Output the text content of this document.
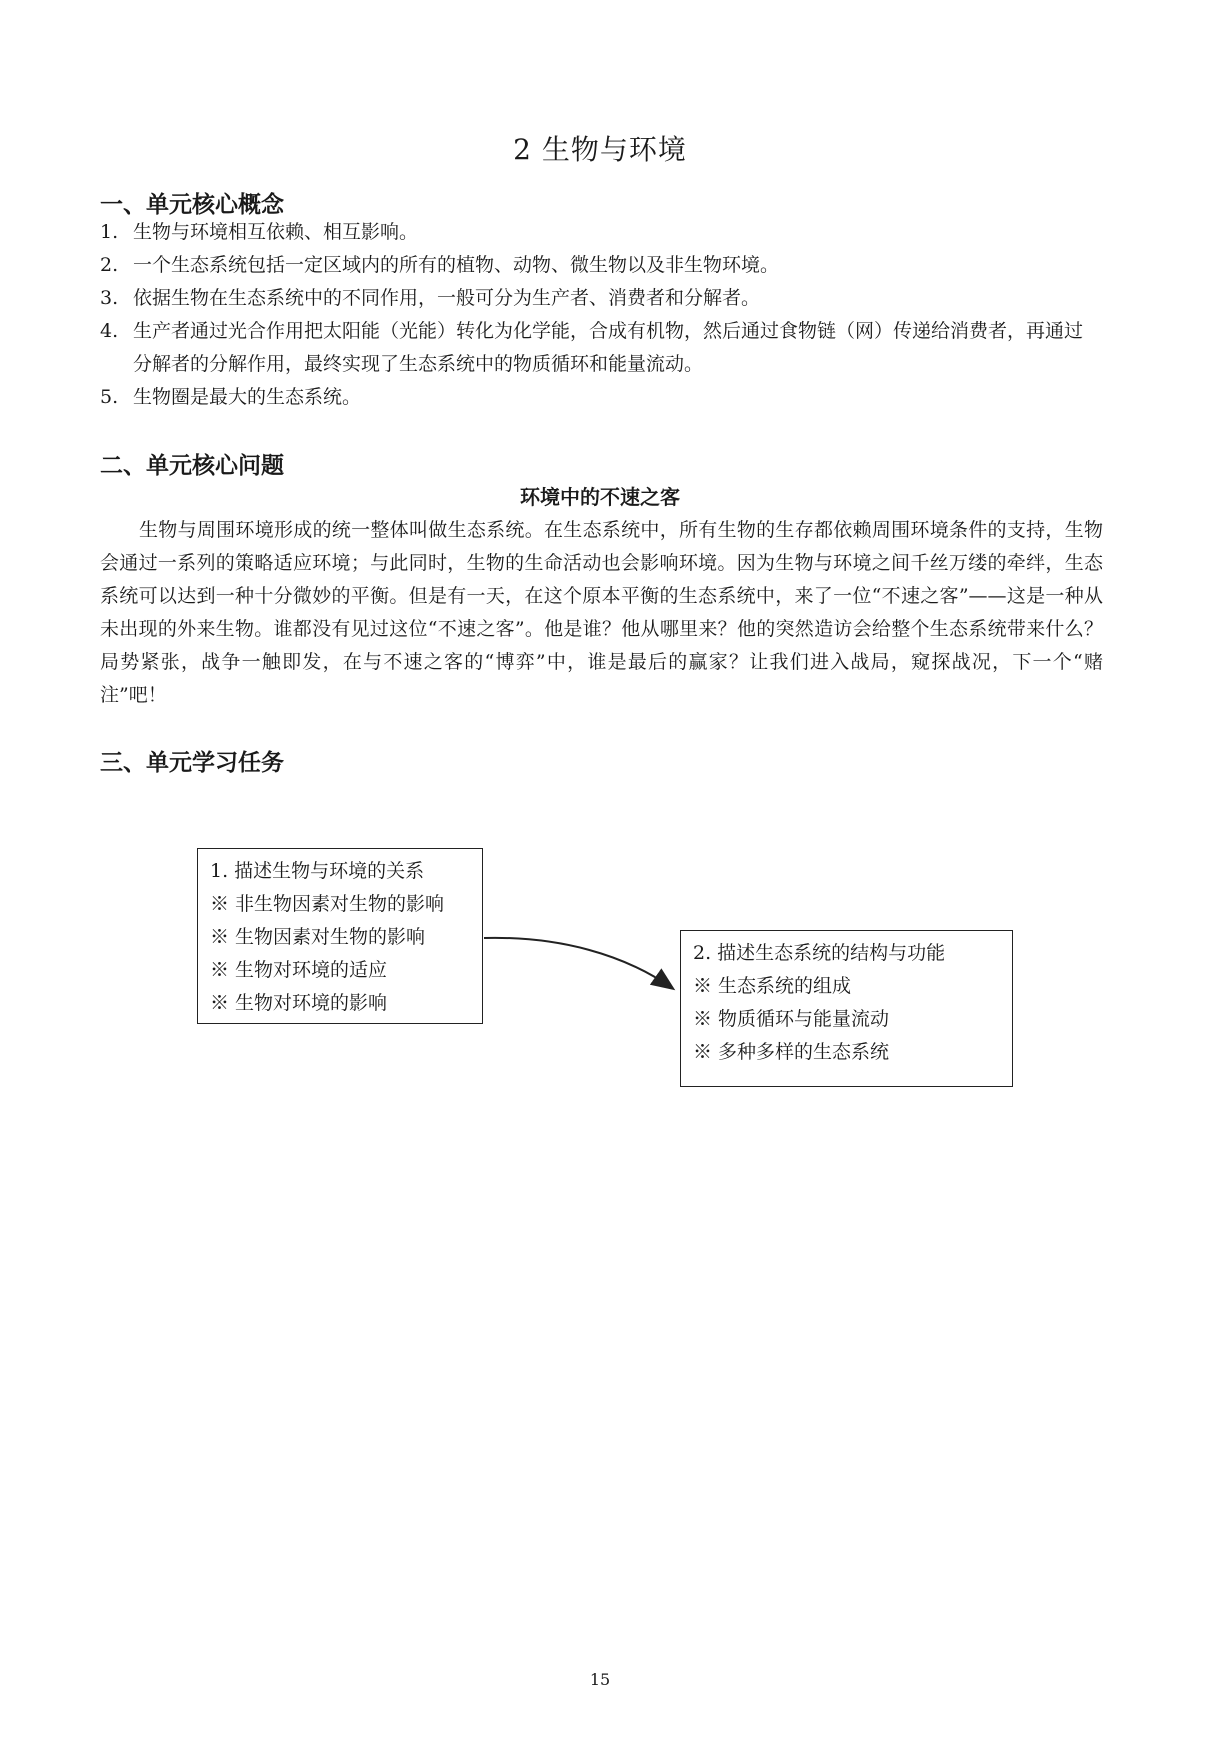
2 生物与环境
一、单元核心概念
1. 生物与环境相互依赖、相互影响。
2. 一个生态系统包括一定区域内的所有的植物、动物、微生物以及非生物环境。
3. 依据生物在生态系统中的不同作用，一般可分为生产者、消费者和分解者。
4. 生产者通过光合作用把太阳能（光能）转化为化学能，合成有机物，然后通过食物链（网）传递给消费者，再通过分解者的分解作用，最终实现了生态系统中的物质循环和能量流动。
5. 生物圈是最大的生态系统。
二、单元核心问题
环境中的不速之客

生物与周围环境形成的统一整体叫做生态系统。在生态系统中，所有生物的生存都依赖周围环境条件的支持，生物会通过一系列的策略适应环境；与此同时，生物的生命活动也会影响环境。因为生物与环境之间千丝万缕的牵绊，生态系统可以达到一种十分微妙的平衡。但是有一天，在这个原本平衡的生态系统中，来了一位“不速之客”——这是一种从未出现的外来生物。谁都没有见过这位“不速之客”。他是谁？他从哪里来？他的突然造访会给整个生态系统带来什么？局势紧张，战争一触即发，在与不速之客的“博弈”中，谁是最后的赢家？让我们进入战局，窥探战况，下一个“赌注”吧！

三、单元学习任务
1. 描述生物与环境的关系
※ 非生物因素对生物的影响
※ 生物因素对生物的影响
※ 生物对环境的适应
※ 生物对环境的影响
2. 描述生态系统的结构与功能
※ 生态系统的组成
※ 物质循环与能量流动
※ 多种多样的生态系统
15
